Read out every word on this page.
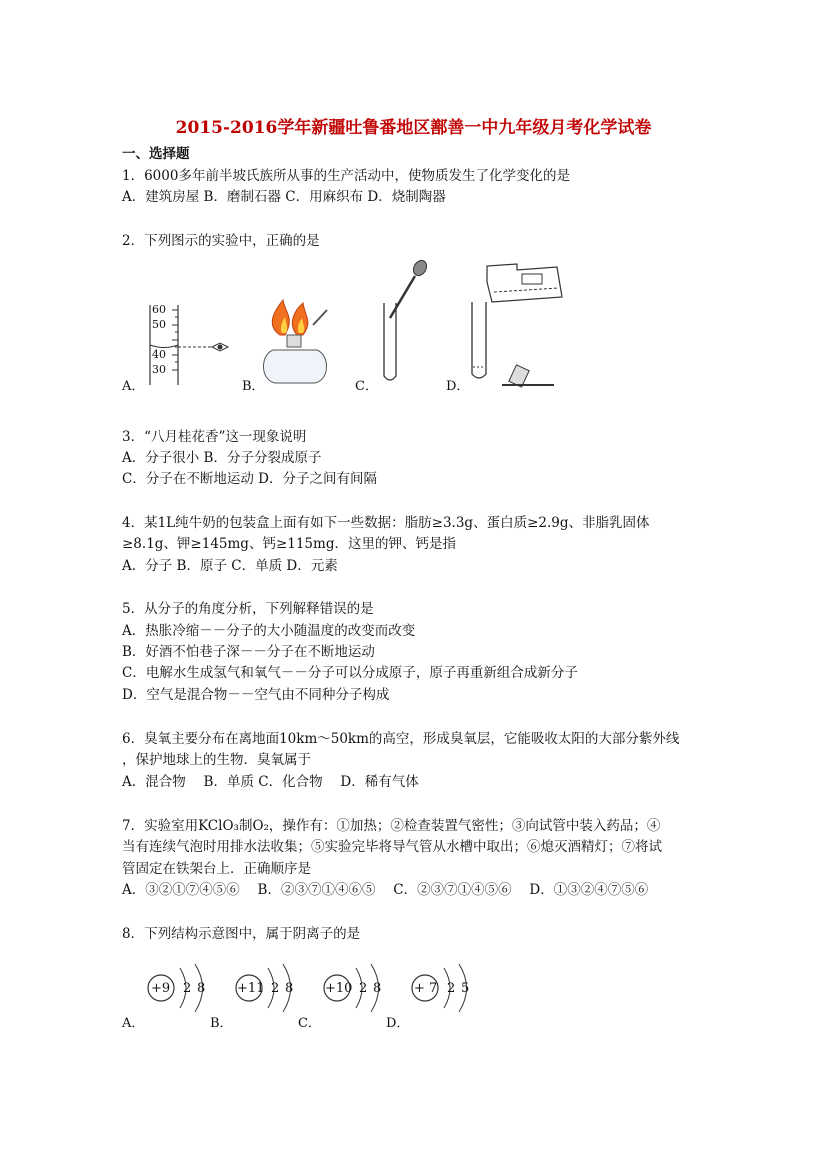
2015-2016学年新疆吐鲁番地区鄯善一中九年级月考化学试卷
一、选择题
1．6000多年前半坡氏族所从事的生产活动中，使物质发生了化学变化的是
A．建筑房屋 B．磨制石器 C．用麻织布 D．烧制陶器
2．下列图示的实验中，正确的是
A．
60
50
40
30
B．	C．	D．
3．“八月桂花香”这一现象说明
A．分子很小 B．分子分裂成原子
C．分子在不断地运动 D．分子之间有间隔
4．某1L纯牛奶的包装盒上面有如下一些数据：脂肪≥3.3g、蛋白质≥2.9g、非脂乳固体
≥8.1g、钾≥145mg、钙≥115mg．这里的钾、钙是指
A．分子 B．原子 C．单质 D．元素
5．从分子的角度分析，下列解释错误的是
A．热胀冷缩－－分子的大小随温度的改变而改变
B．好酒不怕巷子深－－分子在不断地运动
C．电解水生成氢气和氧气－－分子可以分成原子，原子再重新组合成新分子
D．空气是混合物－－空气由不同种分子构成
6．臭氧主要分布在离地面10km～50km的高空，形成臭氧层，它能吸收太阳的大部分紫外线
，保护地球上的生物．臭氧属于
A．混合物　 B．单质 C．化合物　 D．稀有气体
7．实验室用KClO₃制O₂，操作有：①加热；②检查装置气密性；③向试管中装入药品；④
当有连续气泡时用排水法收集；⑤实验完毕将导气管从水槽中取出；⑥熄灭酒精灯；⑦将试
管固定在铁架台上．正确顺序是
A．③②①⑦④⑤⑥　 B．②③⑦①④⑥⑤　 C．②③⑦①④⑤⑥　 D．①③②④⑦⑤⑥
8．下列结构示意图中，属于阴离子的是
A．	B．	C．	D．
+9 2 8 +11 2 8 +10 2 8	+ 7 2 5
